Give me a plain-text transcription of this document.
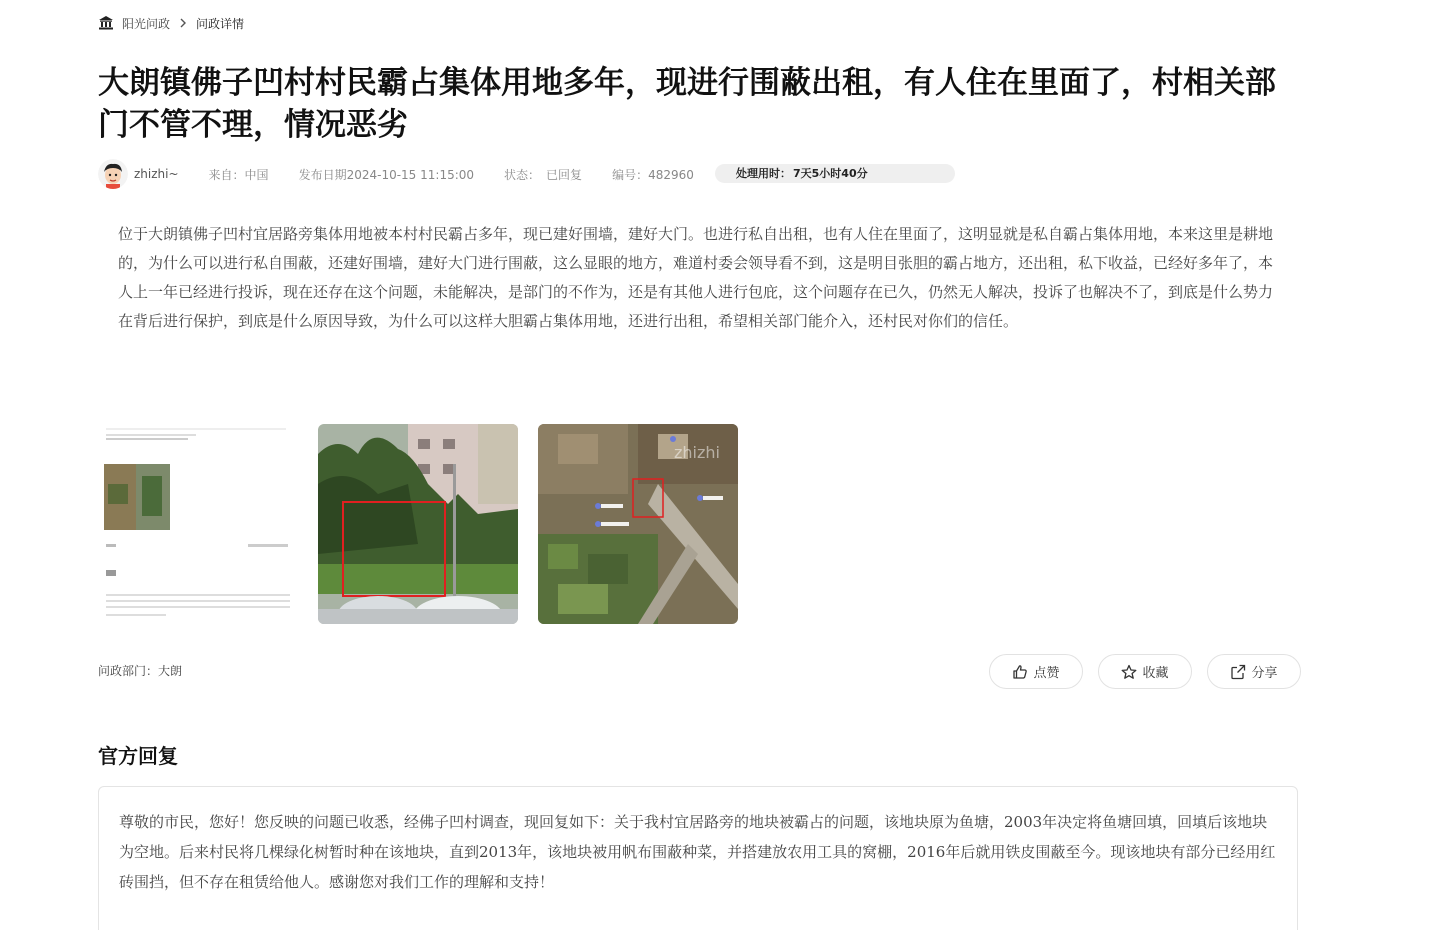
阳光问政 问政详情
大朗镇佛子凹村村民霸占集体用地多年，现进行围蔽出租，有人住在里面了，村相关部门不管不理，情况恶劣
zhizhi~	来自：中国	发布日期2024-10-15 11:15:00	状态： 已回复	编号：482960	处理用时： 7天5小时40分
位于大朗镇佛子凹村宜居路旁集体用地被本村村民霸占多年，现已建好围墙，建好大门。也进行私自出租，也有人住在里面了，这明显就是私自霸占集体用地，本来这里是耕地的，为什么可以进行私自围蔽，还建好围墙，建好大门进行围蔽，这么显眼的地方，难道村委会领导看不到，这是明目张胆的霸占地方，还出租，私下收益，已经好多年了，本人上一年已经进行投诉，现在还存在这个问题，未能解决，是部门的不作为，还是有其他人进行包庇，这个问题存在已久，仍然无人解决，投诉了也解决不了，到底是什么势力在背后进行保护，到底是什么原因导致，为什么可以这样大胆霸占集体用地，还进行出租，希望相关部门能介入，还村民对你们的信任。
zhizhi
问政部门：大朗	点赞	收藏	分享
官方回复

尊敬的市民，您好！您反映的问题已收悉，经佛子凹村调查，现回复如下：关于我村宜居路旁的地块被霸占的问题，该地块原为鱼塘，2003年决定将鱼塘回填，回填后该地块为空地。后来村民将几棵绿化树暂时种在该地块，直到2013年，该地块被用帆布围蔽种菜，并搭建放农用工具的窝棚，2016年后就用铁皮围蔽至今。现该地块有部分已经用红砖围挡，但不存在租赁给他人。感谢您对我们工作的理解和支持！
